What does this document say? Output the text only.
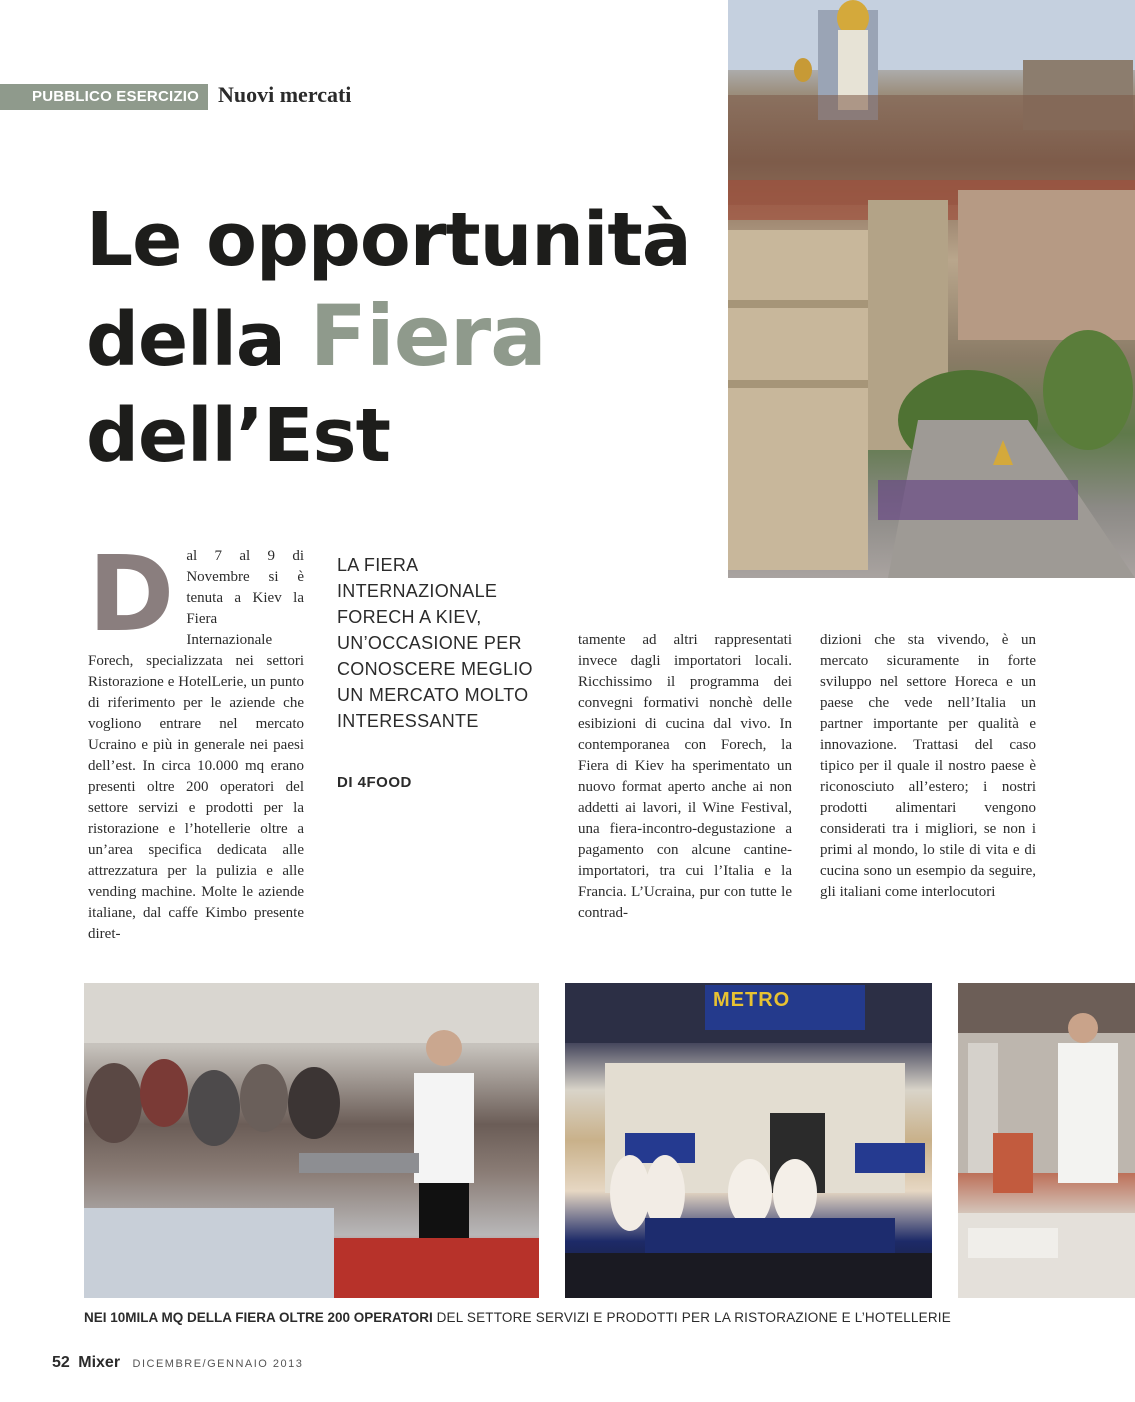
PUBBLICO ESERCIZIO Nuovi mercati
Le opportunità
della Fiera
dell’Est
LA FIERA INTERNAZIONALE FORECH A KIEV, UN’OCCASIONE PER CONOSCERE MEGLIO UN MERCATO MOLTO INTERESSANTE
DI 4FOOD
D al 7 al 9 di Novembre si è tenuta a Kiev la Fiera Internazionale Forech, specializzata nei settori Ristorazione e HotelLerie, un punto di riferimento per le aziende che vogliono entrare nel mercato Ucraino e più in generale nei paesi dell’est. In circa 10.000 mq erano presenti oltre 200 operatori del settore servizi e prodotti per la ristorazione e l’hotellerie oltre a un’area specifica dedicata alle attrezzatura per la pulizia e alle vending machine. Molte le aziende italiane, dal caffe Kimbo presente diret-
tamente ad altri rappresentati invece dagli importatori locali. Ricchissimo il programma dei convegni formativi nonchè delle esibizioni di cucina dal vivo. In contemporanea con Forech, la Fiera di Kiev ha sperimentato un nuovo format aperto anche ai non addetti ai lavori, il Wine Festival, una fiera-incontro-degustazione a pagamento con alcune cantine-importatori, tra cui l’Italia e la Francia. L’Ucraina, pur con tutte le contrad-
dizioni che sta vivendo, è un mercato sicuramente in forte sviluppo nel settore Horeca e un paese che vede nell’Italia un partner importante per qualità e innovazione. Trattasi del caso tipico per il quale il nostro paese è riconosciuto all’estero; i nostri prodotti alimentari vengono considerati tra i migliori, se non i primi al mondo, lo stile di vita e di cucina sono un esempio da seguire, gli italiani come interlocutori
METRO
NEI 10MILA MQ DELLA FIERA OLTRE 200 OPERATORI DEL SETTORE SERVIZI E PRODOTTI PER LA RISTORAZIONE E L’HOTELLERIE
52 Mixer DICEMBRE/GENNAIO 2013
